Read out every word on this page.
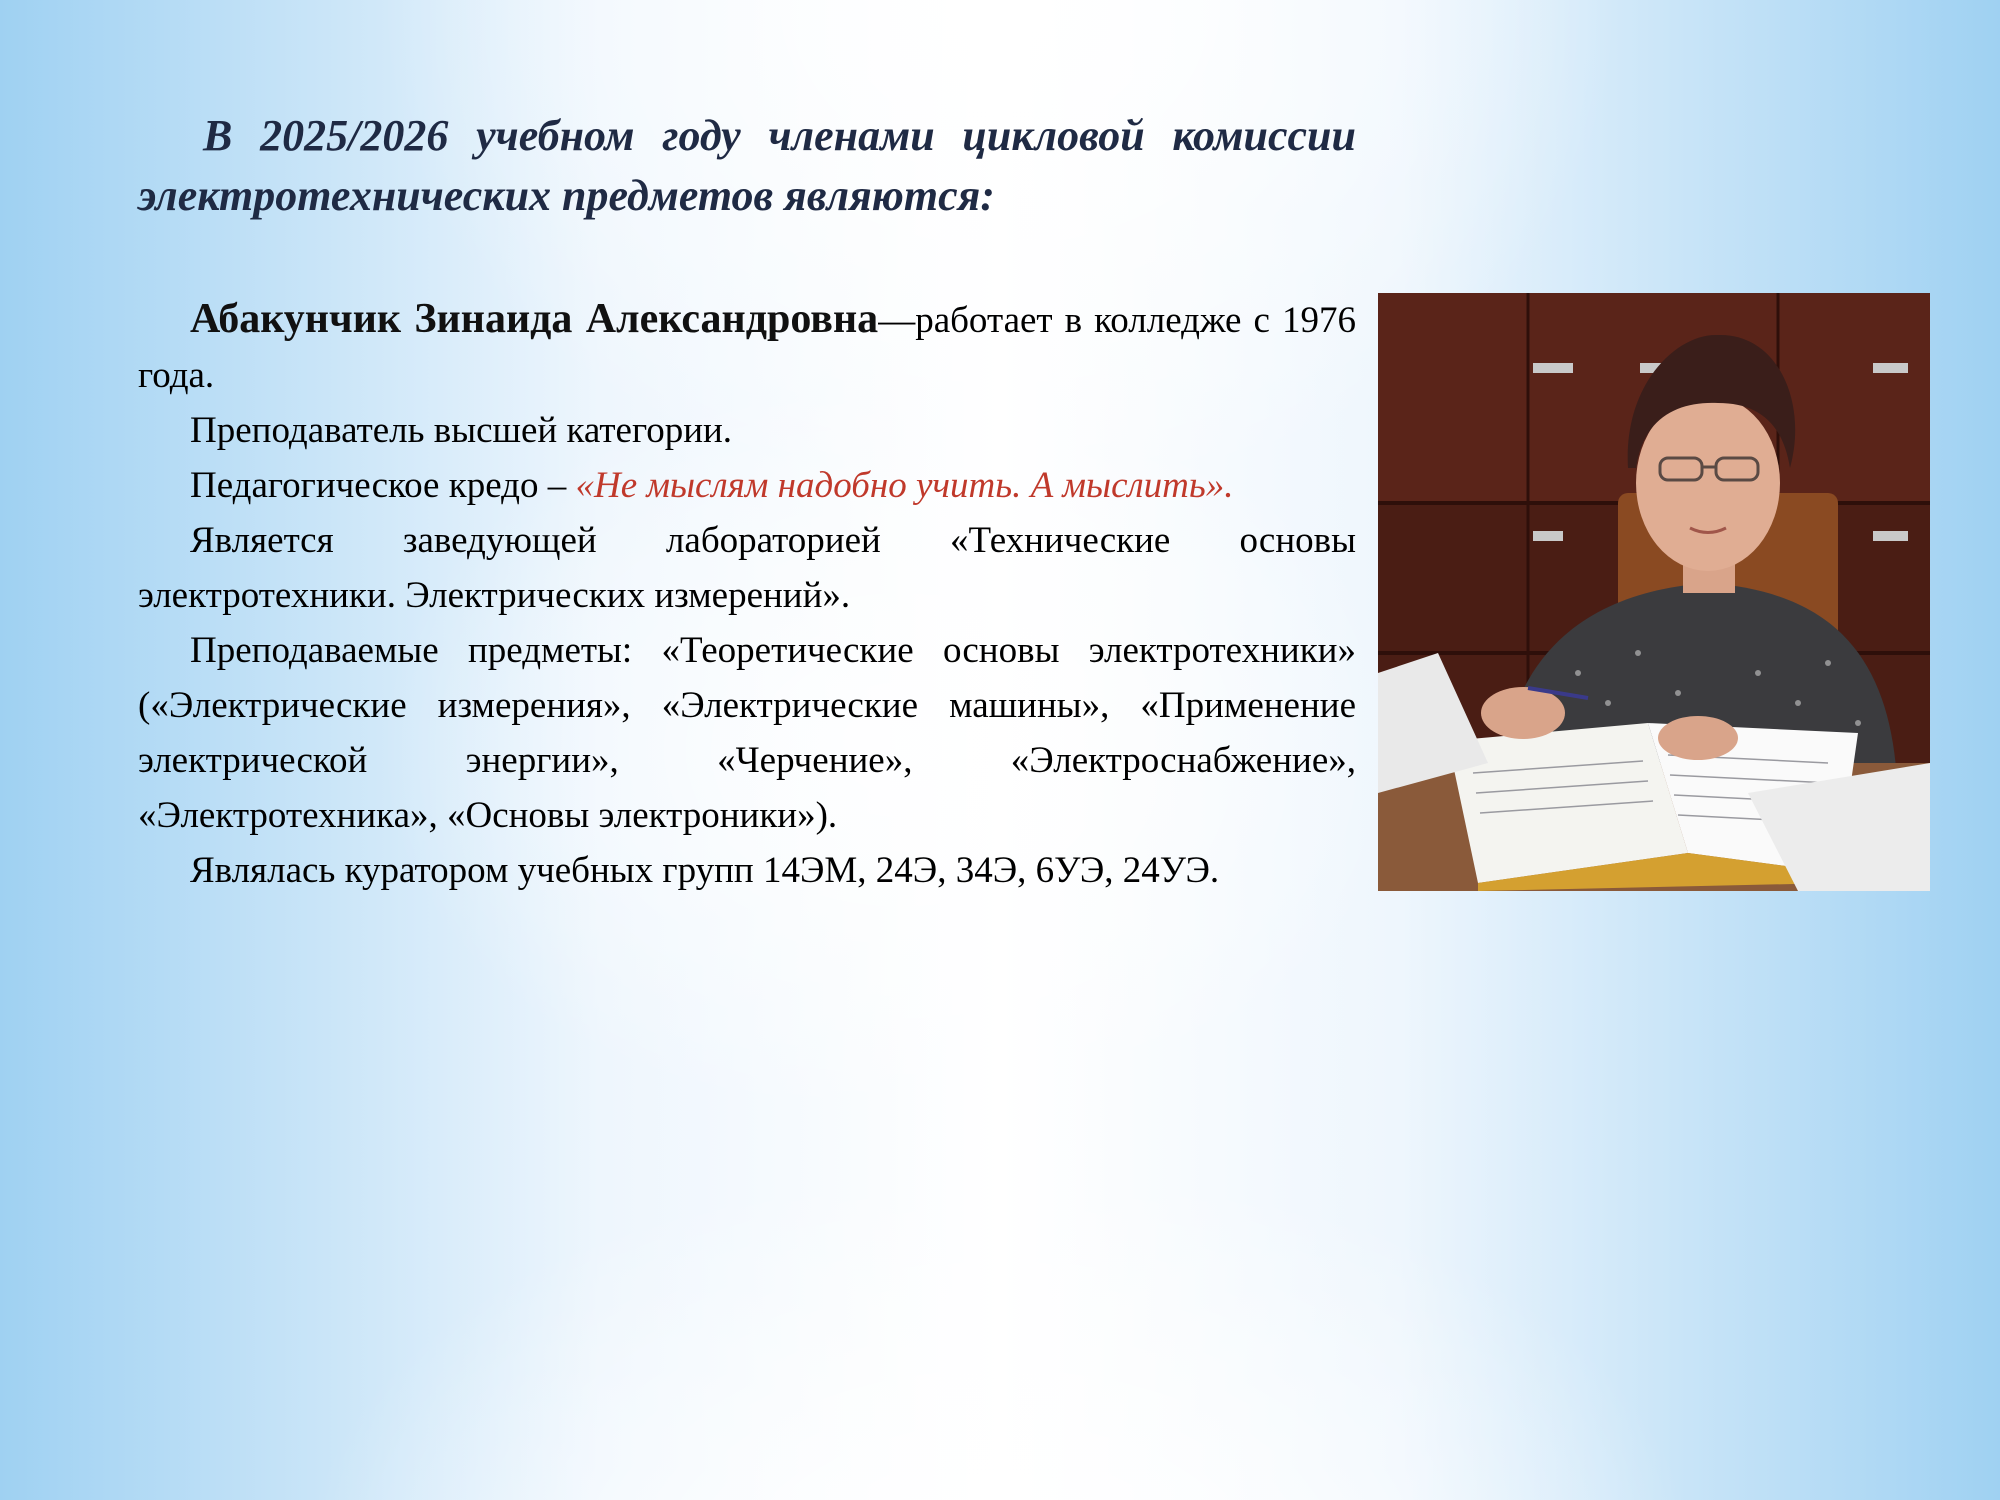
В 2025/2026 учебном году членами цикловой комиссии электротехнических предметов являются:

Абакунчик Зинаида Александровна—работает в колледже с 1976 года.

Преподаватель высшей категории.

Педагогическое кредо – «Не мыслям надобно учить. А мыслить».

Является заведующей лабораторией «Технические основы электротехники. Электрических измерений».

Преподаваемые предметы: «Теоретические основы электротехники» («Электрические измерения», «Электрические машины», «Применение электрической энергии», «Черчение», «Электроснабжение», «Электротехника», «Основы электроники»).

Являлась куратором учебных групп 14ЭМ, 24Э, 34Э, 6УЭ, 24УЭ.
